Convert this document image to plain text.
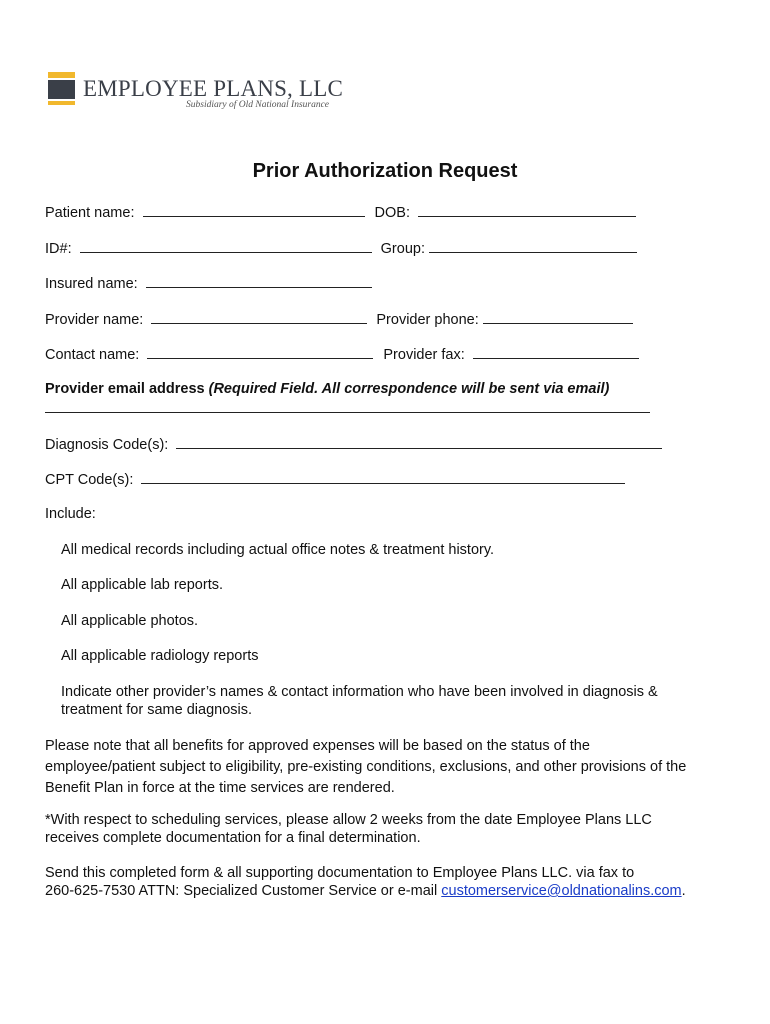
EMPLOYEE PLANS, LLC
Subsidiary of Old National Insurance
Prior Authorization Request
Patient name:	DOB:
ID#:	Group:
Insured name:
Provider name:	Provider phone:
Contact name:	Provider fax:
Provider email address (Required Field. All correspondence will be sent via email)
Diagnosis Code(s):
CPT Code(s):
Include:
All medical records including actual office notes & treatment history.
All applicable lab reports.
All applicable photos.
All applicable radiology reports
Indicate other provider’s names & contact information who have been involved in diagnosis &
treatment for same diagnosis.
Please note that all benefits for approved expenses will be based on the status of the
employee/patient subject to eligibility, pre-existing conditions, exclusions, and other provisions of the
Benefit Plan in force at the time services are rendered.
*With respect to scheduling services, please allow 2 weeks from the date Employee Plans LLC
receives complete documentation for a final determination.
Send this completed form & all supporting documentation to Employee Plans LLC. via fax to
260-625-7530 ATTN: Specialized Customer Service or e-mail customerservice@oldnationalins.com.
